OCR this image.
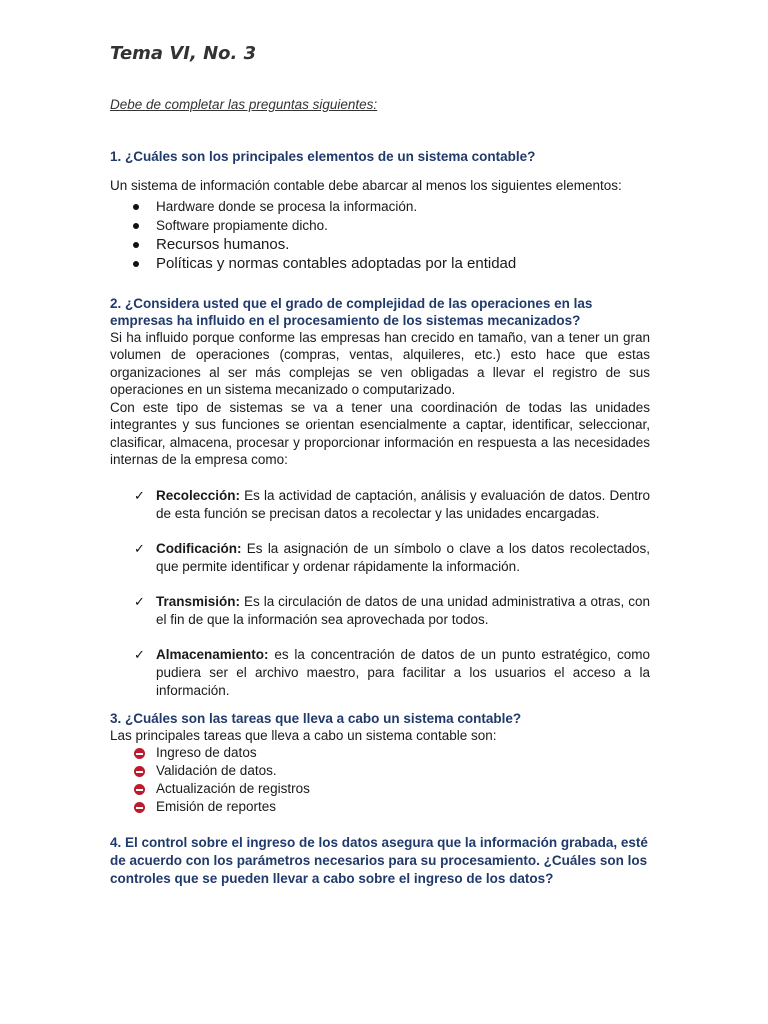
Tema VI, No. 3
Debe de completar las preguntas siguientes:
1. ¿Cuáles son los principales elementos de un sistema contable?
Un sistema de información contable debe abarcar al menos los siguientes elementos:
Hardware donde se procesa la información.
Software propiamente dicho.
Recursos humanos.
Políticas y normas contables adoptadas por la entidad
2. ¿Considera usted que el grado de complejidad de las operaciones en las empresas ha influido en el procesamiento de los sistemas mecanizados?
Si ha influido porque conforme las empresas han crecido en tamaño, van a tener un gran volumen de operaciones (compras, ventas, alquileres, etc.) esto hace que estas organizaciones al ser más complejas se ven obligadas a llevar el registro de sus operaciones en un sistema mecanizado o computarizado.
Con este tipo de sistemas se va a tener una coordinación de todas las unidades integrantes y sus funciones se orientan esencialmente a captar, identificar, seleccionar, clasificar, almacena, procesar y proporcionar información en respuesta a las necesidades internas de la empresa como:
✓ Recolección: Es la actividad de captación, análisis y evaluación de datos. Dentro de esta función se precisan datos a recolectar y las unidades encargadas.
✓ Codificación: Es la asignación de un símbolo o clave a los datos recolectados, que permite identificar y ordenar rápidamente la información.
✓ Transmisión: Es la circulación de datos de una unidad administrativa a otras, con el fin de que la información sea aprovechada por todos.
✓ Almacenamiento: es la concentración de datos de un punto estratégico, como pudiera ser el archivo maestro, para facilitar a los usuarios el acceso a la información.
3. ¿Cuáles son las tareas que lleva a cabo un sistema contable?
Las principales tareas que lleva a cabo un sistema contable son:
Ingreso de datos
Validación de datos.
Actualización de registros
Emisión de reportes
4. El control sobre el ingreso de los datos asegura que la información grabada, esté de acuerdo con los parámetros necesarios para su procesamiento. ¿Cuáles son los controles que se pueden llevar a cabo sobre el ingreso de los datos?
